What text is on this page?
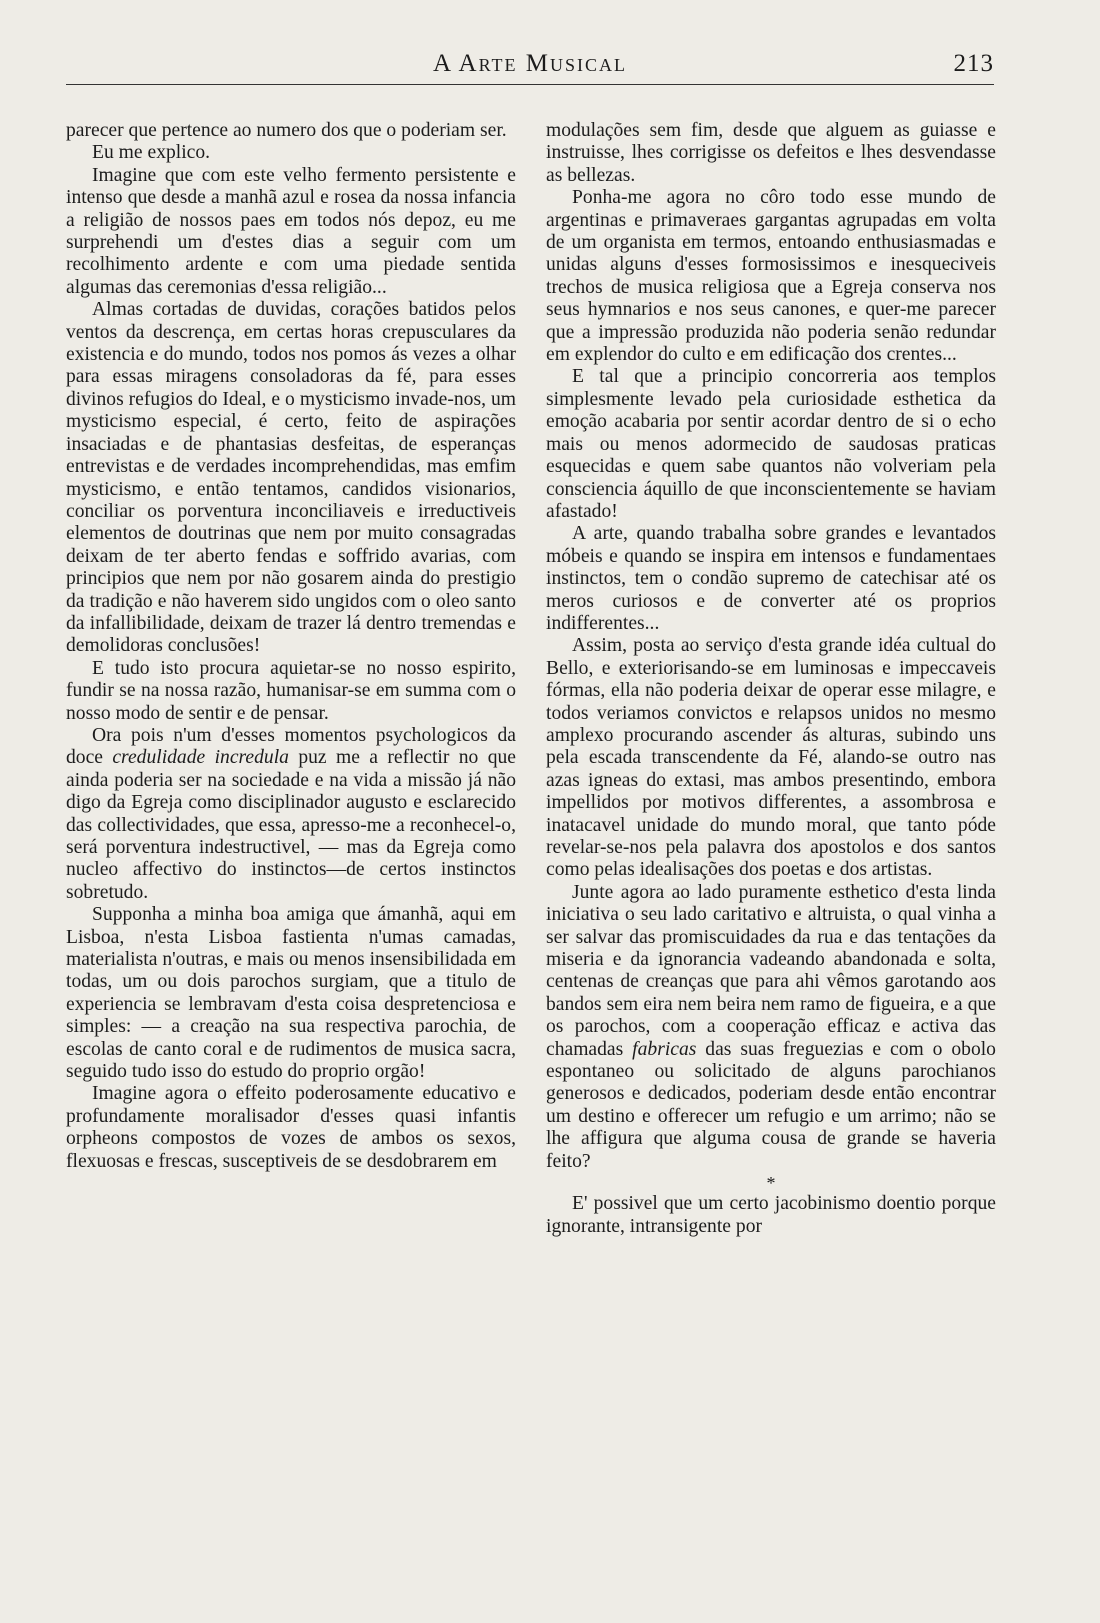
A Arte Musical	213

parecer que pertence ao numero dos que o poderiam ser.

Eu me explico.

Imagine que com este velho fermento persistente e intenso que desde a manhã azul e rosea da nossa infancia a religião de nossos paes em todos nós depoz, eu me surprehendi um d'estes dias a seguir com um recolhimento ardente e com uma piedade sentida algumas das ceremonias d'essa religião...

Almas cortadas de duvidas, corações batidos pelos ventos da descrença, em certas horas crepusculares da existencia e do mundo, todos nos pomos ás vezes a olhar para essas miragens consoladoras da fé, para esses divinos refugios do Ideal, e o mysticismo invade-nos, um mysticismo especial, é certo, feito de aspirações insaciadas e de phantasias desfeitas, de esperanças entrevistas e de verdades incomprehendidas, mas emfim mysticismo, e então tentamos, candidos visionarios, conciliar os porventura inconciliaveis e irreductiveis elementos de doutrinas que nem por muito consagradas deixam de ter aberto fendas e soffrido avarias, com principios que nem por não gosarem ainda do prestigio da tradição e não haverem sido ungidos com o oleo santo da infallibilidade, deixam de trazer lá dentro tremendas e demolidoras conclusões!

E tudo isto procura aquietar-se no nosso espirito, fundir se na nossa razão, humanisar-se em summa com o nosso modo de sentir e de pensar.

Ora pois n'um d'esses momentos psychologicos da doce credulidade incredula puz me a reflectir no que ainda poderia ser na sociedade e na vida a missão já não digo da Egreja como disciplinador augusto e esclarecido das collectividades, que essa, apresso-me a reconhecel-o, será porventura indestructivel, — mas da Egreja como nucleo affectivo do instinctos—de certos instinctos sobretudo.

Supponha a minha boa amiga que ámanhã, aqui em Lisboa, n'esta Lisboa fastienta n'umas camadas, materialista n'outras, e mais ou menos insensibilidada em todas, um ou dois parochos surgiam, que a titulo de experiencia se lembravam d'esta coisa despretenciosa e simples: — a creação na sua respectiva parochia, de escolas de canto coral e de rudimentos de musica sacra, seguido tudo isso do estudo do proprio orgão!

Imagine agora o effeito poderosamente educativo e profundamente moralisador d'esses quasi infantis orpheons compostos de vozes de ambos os sexos, flexuosas e frescas, susceptiveis de se desdobrarem em

modulações sem fim, desde que alguem as guiasse e instruisse, lhes corrigisse os defeitos e lhes desvendasse as bellezas.

Ponha-me agora no côro todo esse mundo de argentinas e primaveraes gargantas agrupadas em volta de um organista em termos, entoando enthusiasmadas e unidas alguns d'esses formosissimos e inesqueciveis trechos de musica religiosa que a Egreja conserva nos seus hymnarios e nos seus canones, e quer-me parecer que a impressão produzida não poderia senão redundar em explendor do culto e em edificação dos crentes...

E tal que a principio concorreria aos templos simplesmente levado pela curiosidade esthetica da emoção acabaria por sentir acordar dentro de si o echo mais ou menos adormecido de saudosas praticas esquecidas e quem sabe quantos não volveriam pela consciencia áquillo de que inconscientemente se haviam afastado!

A arte, quando trabalha sobre grandes e levantados móbeis e quando se inspira em intensos e fundamentaes instinctos, tem o condão supremo de catechisar até os meros curiosos e de converter até os proprios indifferentes...

Assim, posta ao serviço d'esta grande idéa cultual do Bello, e exteriorisando-se em luminosas e impeccaveis fórmas, ella não poderia deixar de operar esse milagre, e todos veriamos convictos e relapsos unidos no mesmo amplexo procurando ascender ás alturas, subindo uns pela escada transcendente da Fé, alando-se outro nas azas igneas do extasi, mas ambos presentindo, embora impellidos por motivos differentes, a assombrosa e inatacavel unidade do mundo moral, que tanto póde revelar-se-nos pela palavra dos apostolos e dos santos como pelas idealisações dos poetas e dos artistas.

Junte agora ao lado puramente esthetico d'esta linda iniciativa o seu lado caritativo e altruista, o qual vinha a ser salvar das promiscuidades da rua e das tentações da miseria e da ignorancia vadeando abandonada e solta, centenas de creanças que para ahi vêmos garotando aos bandos sem eira nem beira nem ramo de figueira, e a que os parochos, com a cooperação efficaz e activa das chamadas fabricas das suas freguezias e com o obolo espontaneo ou solicitado de alguns parochianos generosos e dedicados, poderiam desde então encontrar um destino e offerecer um refugio e um arrimo; não se lhe affigura que alguma cousa de grande se haveria feito?

*

E' possivel que um certo jacobinismo doentio porque ignorante, intransigente por
